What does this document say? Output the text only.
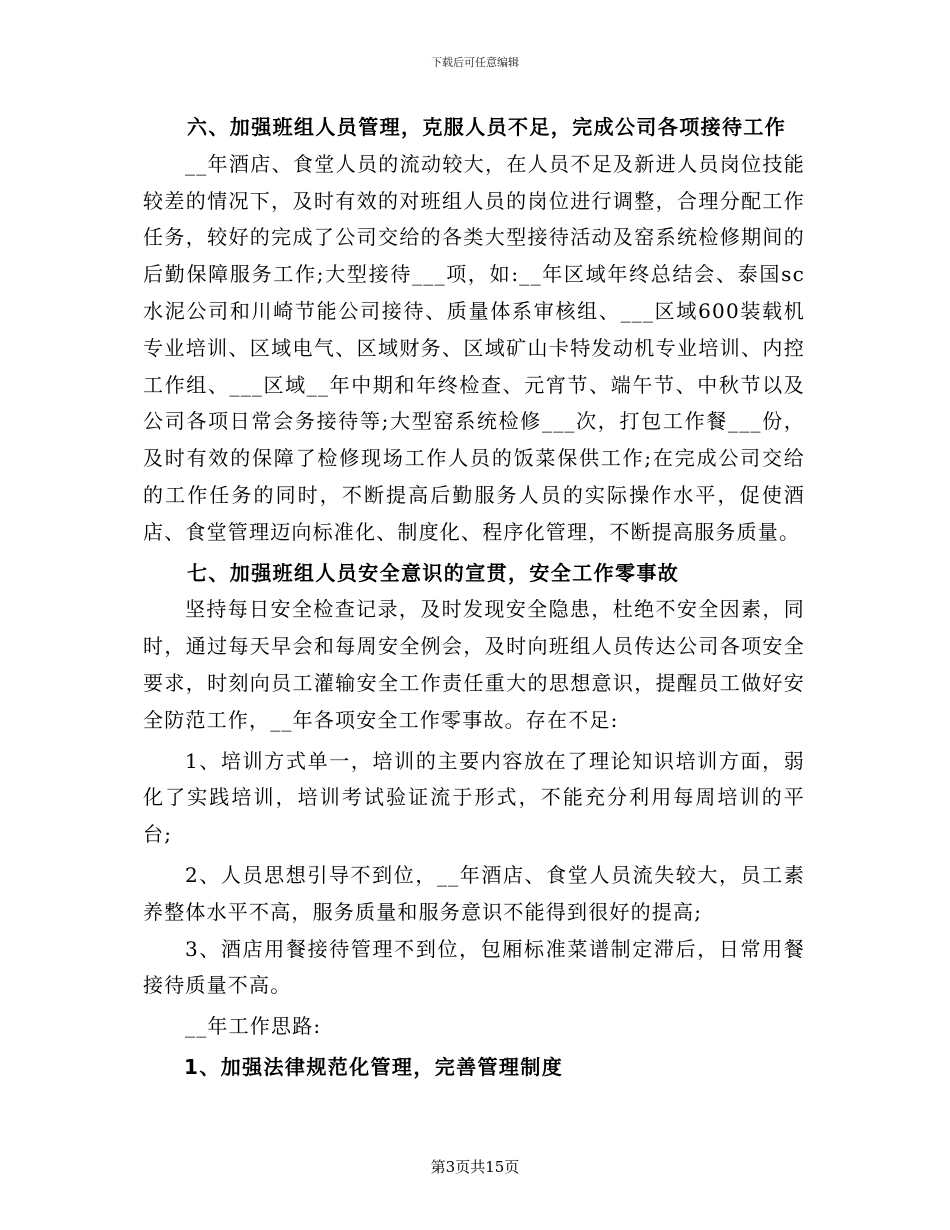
下载后可任意编辑

六、加强班组人员管理，克服人员不足，完成公司各项接待工作

__年酒店、食堂人员的流动较大，在人员不足及新进人员岗位技能较差的情况下，及时有效的对班组人员的岗位进行调整，合理分配工作任务，较好的完成了公司交给的各类大型接待活动及窑系统检修期间的后勤保障服务工作;大型接待___项，如:__年区域年终总结会、泰国sc水泥公司和川崎节能公司接待、质量体系审核组、___区域600装载机专业培训、区域电气、区域财务、区域矿山卡特发动机专业培训、内控工作组、___区域__年中期和年终检查、元宵节、端午节、中秋节以及公司各项日常会务接待等;大型窑系统检修___次，打包工作餐___份，及时有效的保障了检修现场工作人员的饭菜保供工作;在完成公司交给的工作任务的同时，不断提高后勤服务人员的实际操作水平，促使酒店、食堂管理迈向标准化、制度化、程序化管理，不断提高服务质量。

七、加强班组人员安全意识的宣贯，安全工作零事故

坚持每日安全检查记录，及时发现安全隐患，杜绝不安全因素，同时，通过每天早会和每周安全例会，及时向班组人员传达公司各项安全要求，时刻向员工灌输安全工作责任重大的思想意识，提醒员工做好安全防范工作，__年各项安全工作零事故。存在不足:

1、培训方式单一，培训的主要内容放在了理论知识培训方面，弱化了实践培训，培训考试验证流于形式，不能充分利用每周培训的平台;

2、人员思想引导不到位，__年酒店、食堂人员流失较大，员工素养整体水平不高，服务质量和服务意识不能得到很好的提高;

3、酒店用餐接待管理不到位，包厢标准菜谱制定滞后，日常用餐接待质量不高。

__年工作思路:

1、加强法律规范化管理，完善管理制度

第3页共15页
